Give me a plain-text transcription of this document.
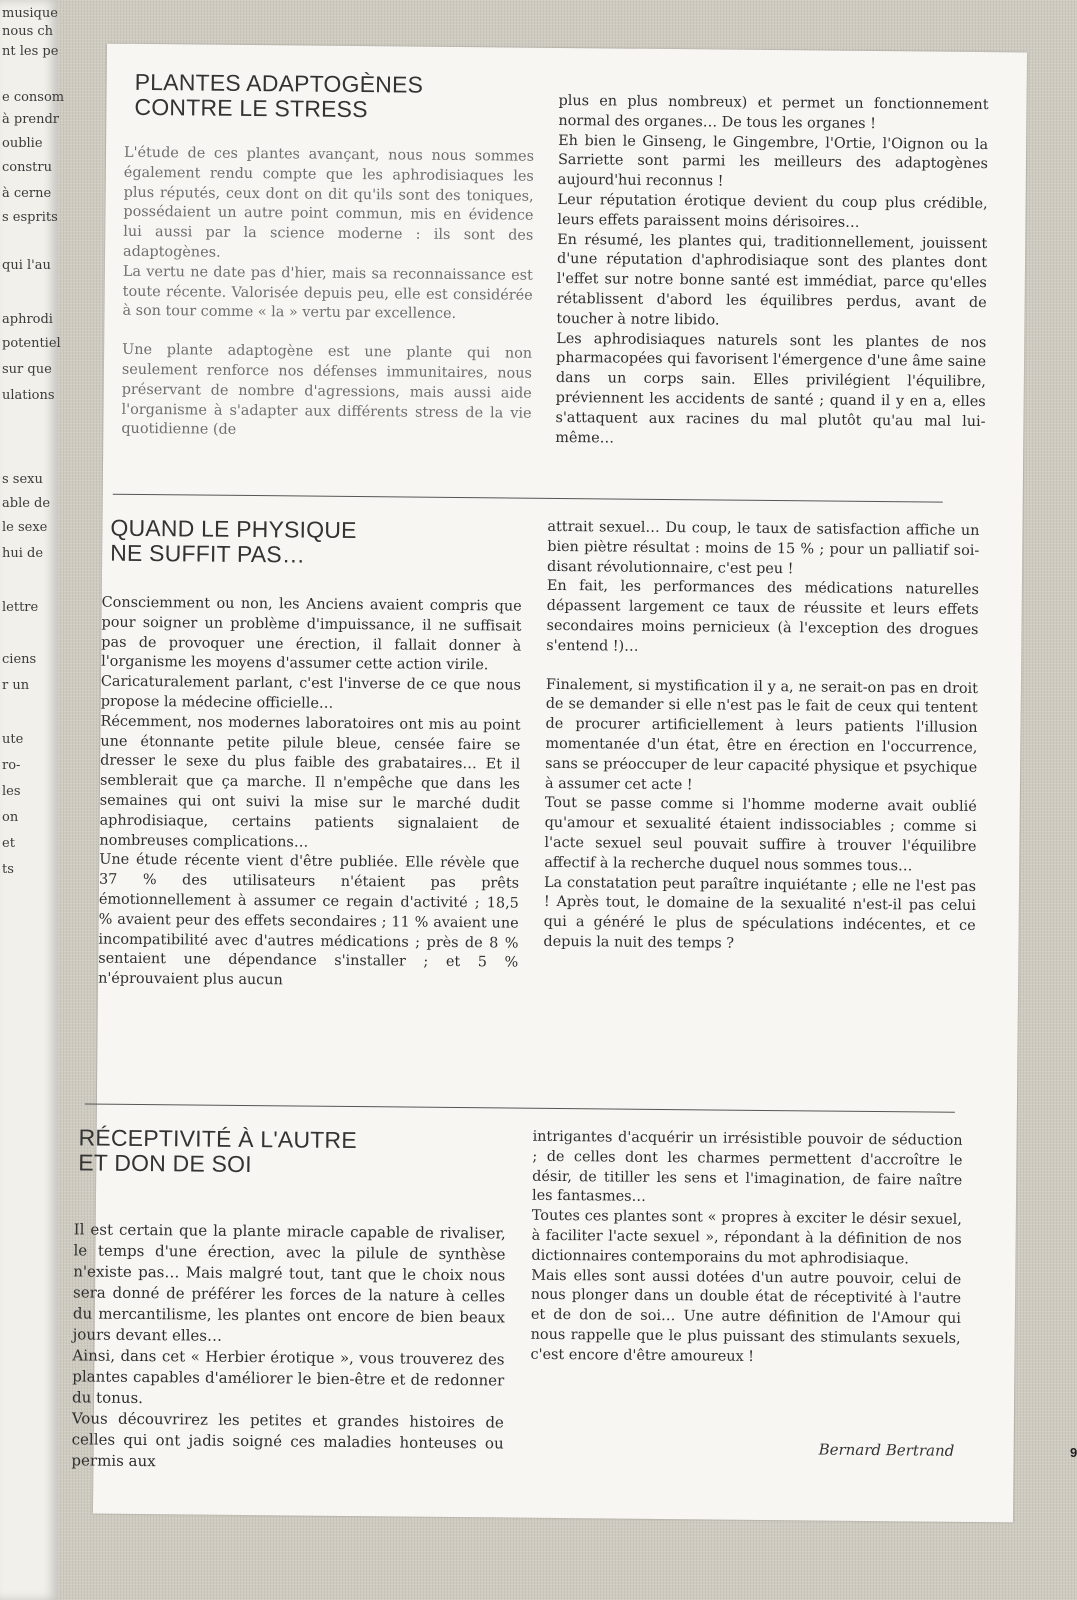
musique
nous ch
nt les pe
e consom
à prendr
oublie
constru
à cerne
s esprits
qui l'au
aphrodi
potentiel
sur que
ulations
s sexu
able de
le sexe
hui de
lettre
ciens
r un
ute
ro-
les
on
et
ts
PLANTES ADAPTOGÈNES
CONTRE LE STRESS

L'étude de ces plantes avançant, nous nous sommes également rendu compte que les aphrodisiaques les plus réputés, ceux dont on dit qu'ils sont des toniques, possédaient un autre point commun, mis en évidence lui aussi par la science moderne : ils sont des adaptogènes.

La vertu ne date pas d'hier, mais sa reconnaissance est toute récente. Valorisée depuis peu, elle est considérée à son tour comme « la » vertu par excellence.

Une plante adaptogène est une plante qui non seulement renforce nos défenses immunitaires, nous préservant de nombre d'agressions, mais aussi aide l'organisme à s'adapter aux différents stress de la vie quotidienne (de

plus en plus nombreux) et permet un fonctionnement normal des organes… De tous les organes !

Eh bien le Ginseng, le Gingembre, l'Ortie, l'Oignon ou la Sarriette sont parmi les meilleurs des adaptogènes aujourd'hui reconnus !

Leur réputation érotique devient du coup plus crédible, leurs effets paraissent moins dérisoires…

En résumé, les plantes qui, traditionnellement, jouissent d'une réputation d'aphrodisiaque sont des plantes dont l'effet sur notre bonne santé est immédiat, parce qu'elles rétablissent d'abord les équilibres perdus, avant de toucher à notre libido.

Les aphrodisiaques naturels sont les plantes de nos pharmacopées qui favorisent l'émergence d'une âme saine dans un corps sain. Elles privilégient l'équilibre, préviennent les accidents de santé ; quand il y en a, elles s'attaquent aux racines du mal plutôt qu'au mal lui-même…

QUAND LE PHYSIQUE
NE SUFFIT PAS…

Consciemment ou non, les Anciens avaient compris que pour soigner un problème d'impuissance, il ne suffisait pas de provoquer une érection, il fallait donner à l'organisme les moyens d'assumer cette action virile.

Caricaturalement parlant, c'est l'inverse de ce que nous propose la médecine officielle…

Récemment, nos modernes laboratoires ont mis au point une étonnante petite pilule bleue, censée faire se dresser le sexe du plus faible des grabataires… Et il semblerait que ça marche. Il n'empêche que dans les semaines qui ont suivi la mise sur le marché dudit aphrodisiaque, certains patients signalaient de nombreuses complications…

Une étude récente vient d'être publiée. Elle révèle que 37 % des utilisateurs n'étaient pas prêts émotionnellement à assumer ce regain d'activité ; 18,5 % avaient peur des effets secondaires ; 11 % avaient une incompatibilité avec d'autres médications ; près de 8 % sentaient une dépendance s'installer ; et 5 % n'éprouvaient plus aucun

attrait sexuel… Du coup, le taux de satisfaction affiche un bien piètre résultat : moins de 15 % ; pour un palliatif soi-disant révolutionnaire, c'est peu !

En fait, les performances des médications naturelles dépassent largement ce taux de réussite et leurs effets secondaires moins pernicieux (à l'exception des drogues s'entend !)…

Finalement, si mystification il y a, ne serait-on pas en droit de se demander si elle n'est pas le fait de ceux qui tentent de procurer artificiellement à leurs patients l'illusion momentanée d'un état, être en érection en l'occurrence, sans se préoccuper de leur capacité physique et psychique à assumer cet acte !

Tout se passe comme si l'homme moderne avait oublié qu'amour et sexualité étaient indissociables ; comme si l'acte sexuel seul pouvait suffire à trouver l'équilibre affectif à la recherche duquel nous sommes tous…

La constatation peut paraître inquiétante ; elle ne l'est pas ! Après tout, le domaine de la sexualité n'est-il pas celui qui a généré le plus de spéculations indécentes, et ce depuis la nuit des temps ?

RÉCEPTIVITÉ À L'AUTRE
ET DON DE SOI

Il est certain que la plante miracle capable de rivaliser, le temps d'une érection, avec la pilule de synthèse n'existe pas… Mais malgré tout, tant que le choix nous sera donné de préférer les forces de la nature à celles du mercantilisme, les plantes ont encore de bien beaux jours devant elles…

Ainsi, dans cet « Herbier érotique », vous trouverez des plantes capables d'améliorer le bien-être et de redonner du tonus.

Vous découvrirez les petites et grandes histoires de celles qui ont jadis soigné ces maladies honteuses ou permis aux

intrigantes d'acquérir un irrésistible pouvoir de séduction ; de celles dont les charmes permettent d'accroître le désir, de titiller les sens et l'imagination, de faire naître les fantasmes…

Toutes ces plantes sont « propres à exciter le désir sexuel, à faciliter l'acte sexuel », répondant à la définition de nos dictionnaires contemporains du mot aphrodisiaque.

Mais elles sont aussi dotées d'un autre pouvoir, celui de nous plonger dans un double état de réceptivité à l'autre et de don de soi… Une autre définition de l'Amour qui nous rappelle que le plus puissant des stimulants sexuels, c'est encore d'être amoureux !

Bernard Bertrand	9
